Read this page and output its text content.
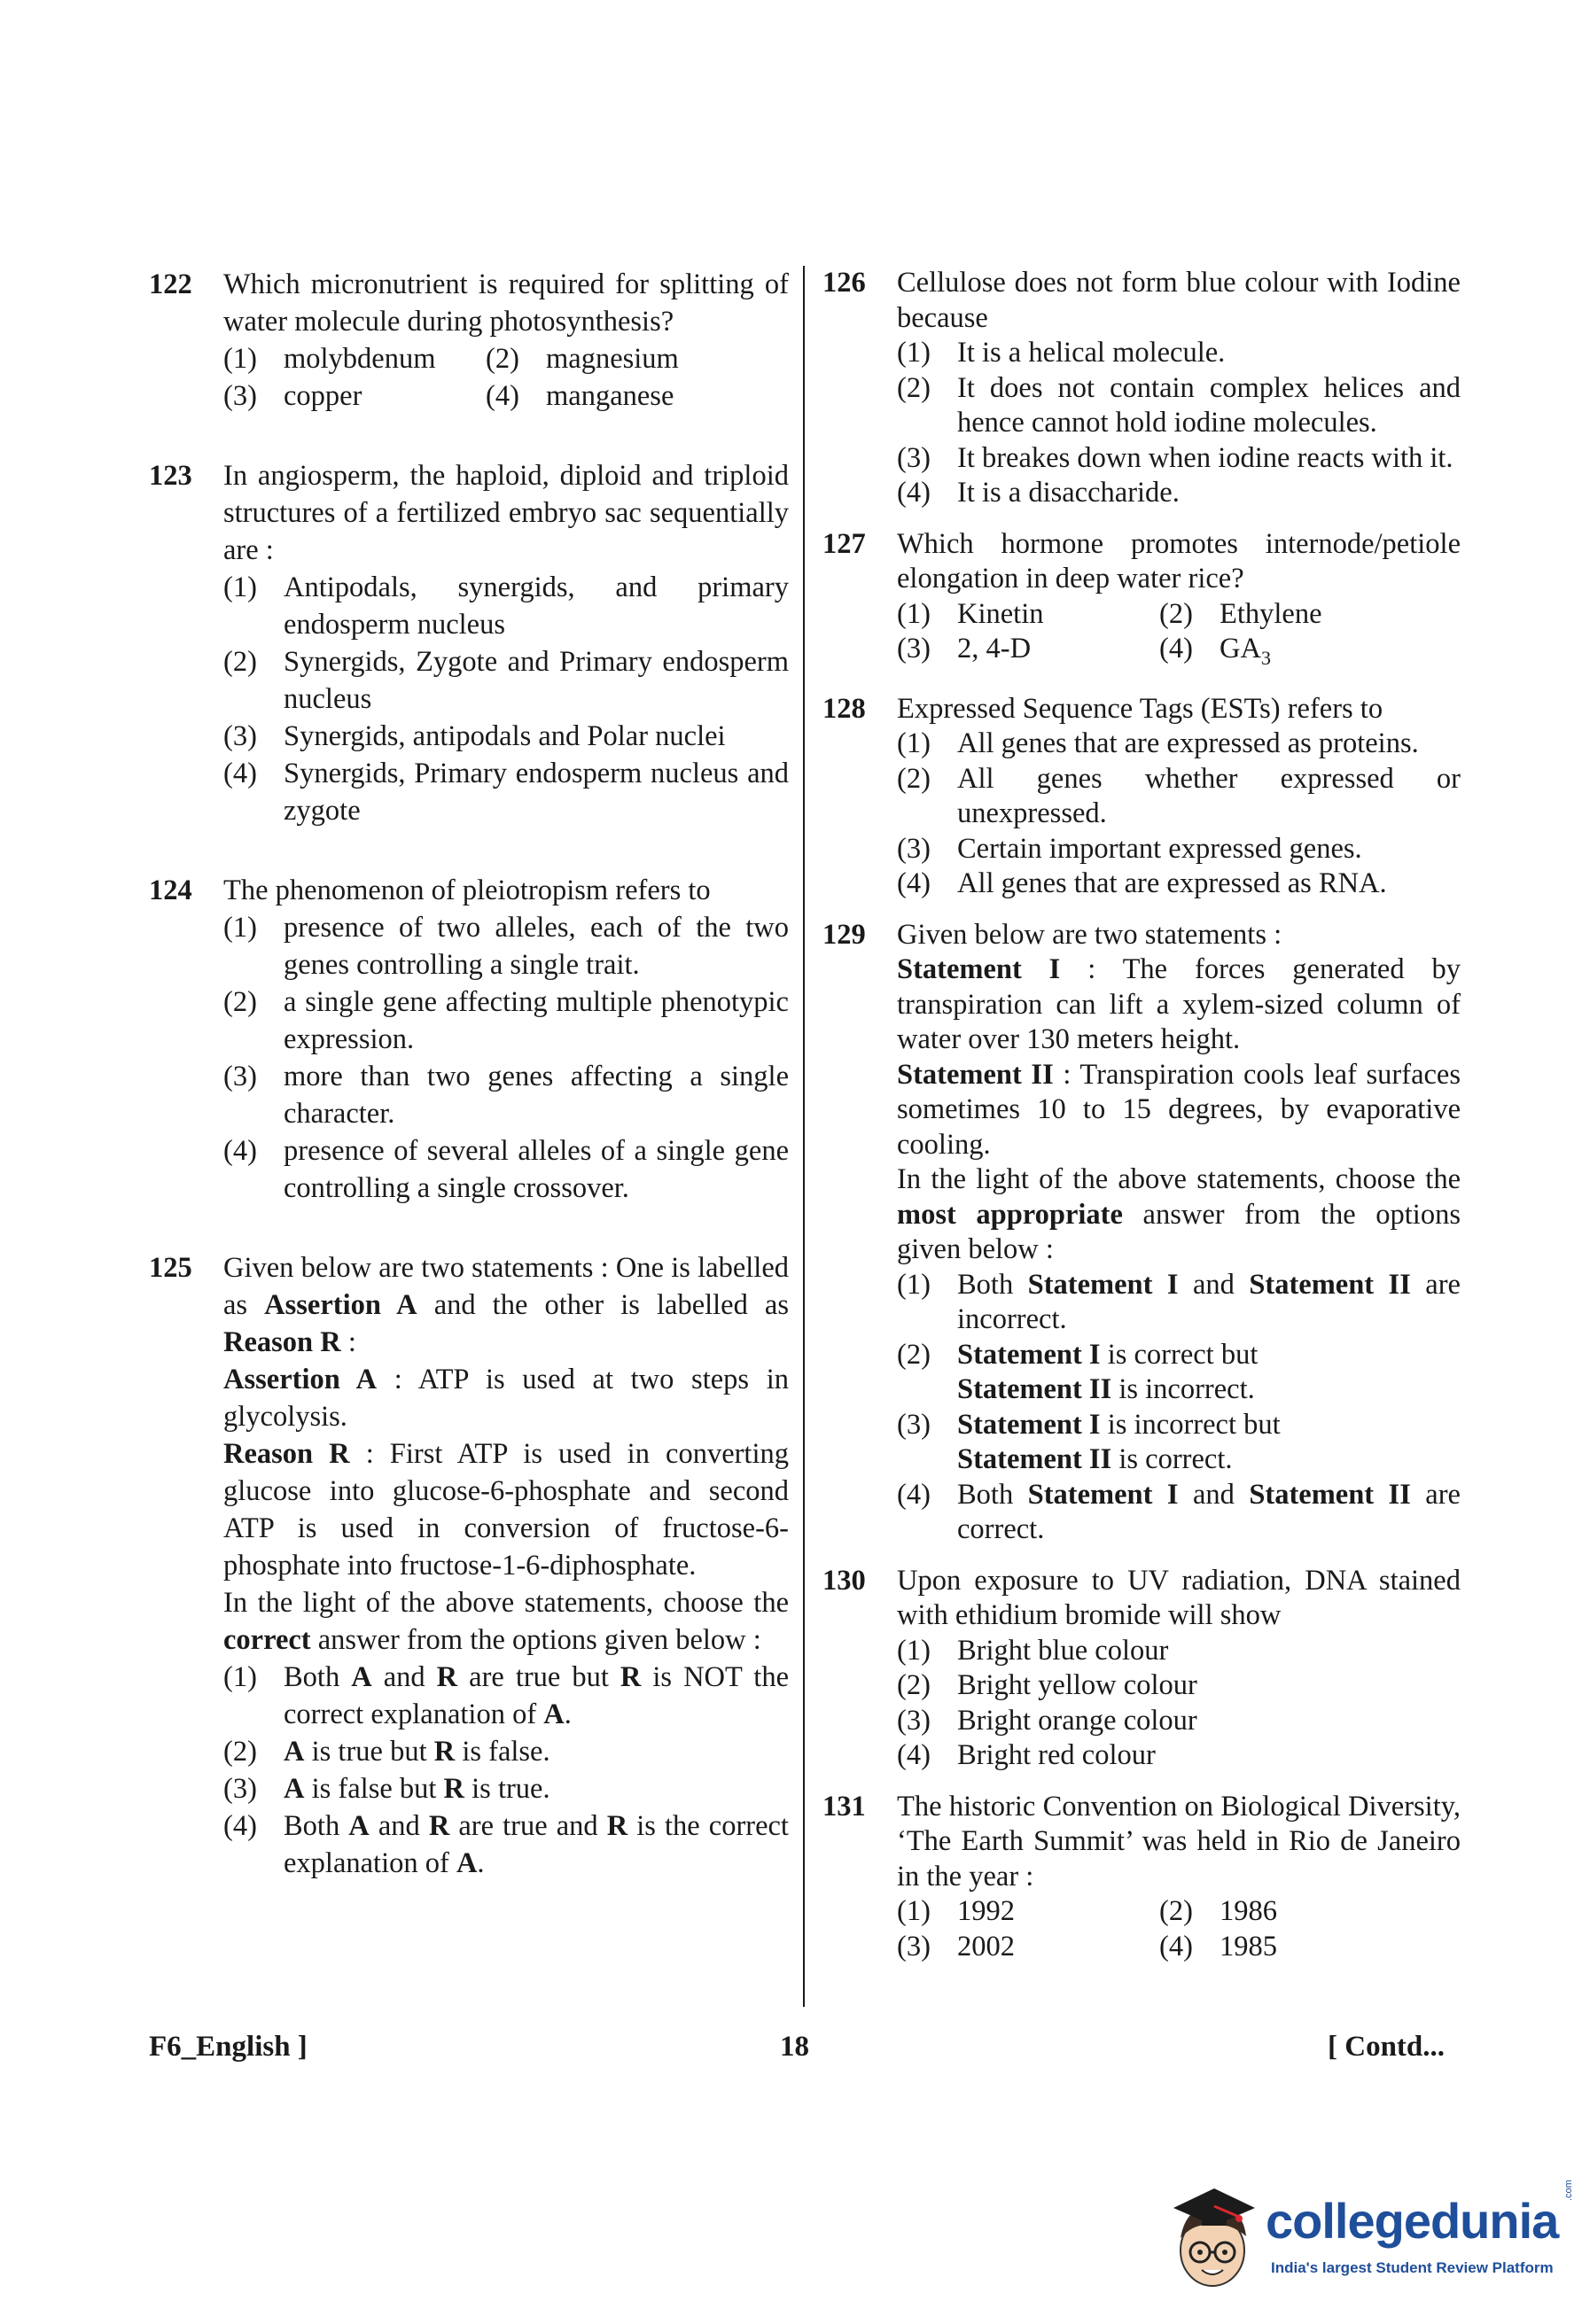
122 Which micronutrient is required for splitting of water molecule during photosynthesis?
(1) molybdenum	(2) magnesium
(3) copper	(4) manganese
123 In angiosperm, the haploid, diploid and triploid structures of a fertilized embryo sac sequentially are :
(1) Antipodals, synergids, and primary endosperm nucleus
(2) Synergids, Zygote and Primary endosperm nucleus
(3) Synergids, antipodals and Polar nuclei
(4) Synergids, Primary endosperm nucleus and zygote
124 The phenomenon of pleiotropism refers to
(1) presence of two alleles, each of the two genes controlling a single trait.
(2) a single gene affecting multiple phenotypic expression.
(3) more than two genes affecting a single character.
(4) presence of several alleles of a single gene controlling a single crossover.
125 Given below are two statements : One is labelled as Assertion A and the other is labelled as Reason R :
Assertion A : ATP is used at two steps in glycolysis.
Reason R : First ATP is used in converting glucose into glucose-6-phosphate and second ATP is used in conversion of fructose-6-phosphate into fructose-1-6-diphosphate.
In the light of the above statements, choose the correct answer from the options given below :
(1) Both A and R are true but R is NOT the correct explanation of A.
(2) A is true but R is false.
(3) A is false but R is true.
(4) Both A and R are true and R is the correct explanation of A.
126 Cellulose does not form blue colour with Iodine because
(1) It is a helical molecule.
(2) It does not contain complex helices and hence cannot hold iodine molecules.
(3) It breakes down when iodine reacts with it.
(4) It is a disaccharide.
127 Which hormone promotes internode/petiole elongation in deep water rice?
(1) Kinetin	(2) Ethylene
(3) 2, 4-D	(4) $GA_3$
128 Expressed Sequence Tags (ESTs) refers to
(1) All genes that are expressed as proteins.
(2) All genes whether expressed or unexpressed.
(3) Certain important expressed genes.
(4) All genes that are expressed as RNA.
129 Given below are two statements :
Statement I : The forces generated by transpiration can lift a xylem-sized column of water over 130 meters height.
Statement II : Transpiration cools leaf surfaces sometimes 10 to 15 degrees, by evaporative cooling.
In the light of the above statements, choose the most appropriate answer from the options given below :
(1) Both Statement I and Statement II are incorrect.
(2) Statement I is correct but
Statement II is incorrect.
(3) Statement I is incorrect but
Statement II is correct.
(4) Both Statement I and Statement II are correct.
130 Upon exposure to UV radiation, DNA stained with ethidium bromide will show
(1) Bright blue colour
(2) Bright yellow colour
(3) Bright orange colour
(4) Bright red colour
131 The historic Convention on Biological Diversity, ‘The Earth Summit’ was held in Rio de Janeiro in the year :
(1) 1992	(2) 1986
(3) 2002	(4) 1985
F6_English ]	18	[ Contd...
collegedunia
.com
India's largest Student Review Platform
